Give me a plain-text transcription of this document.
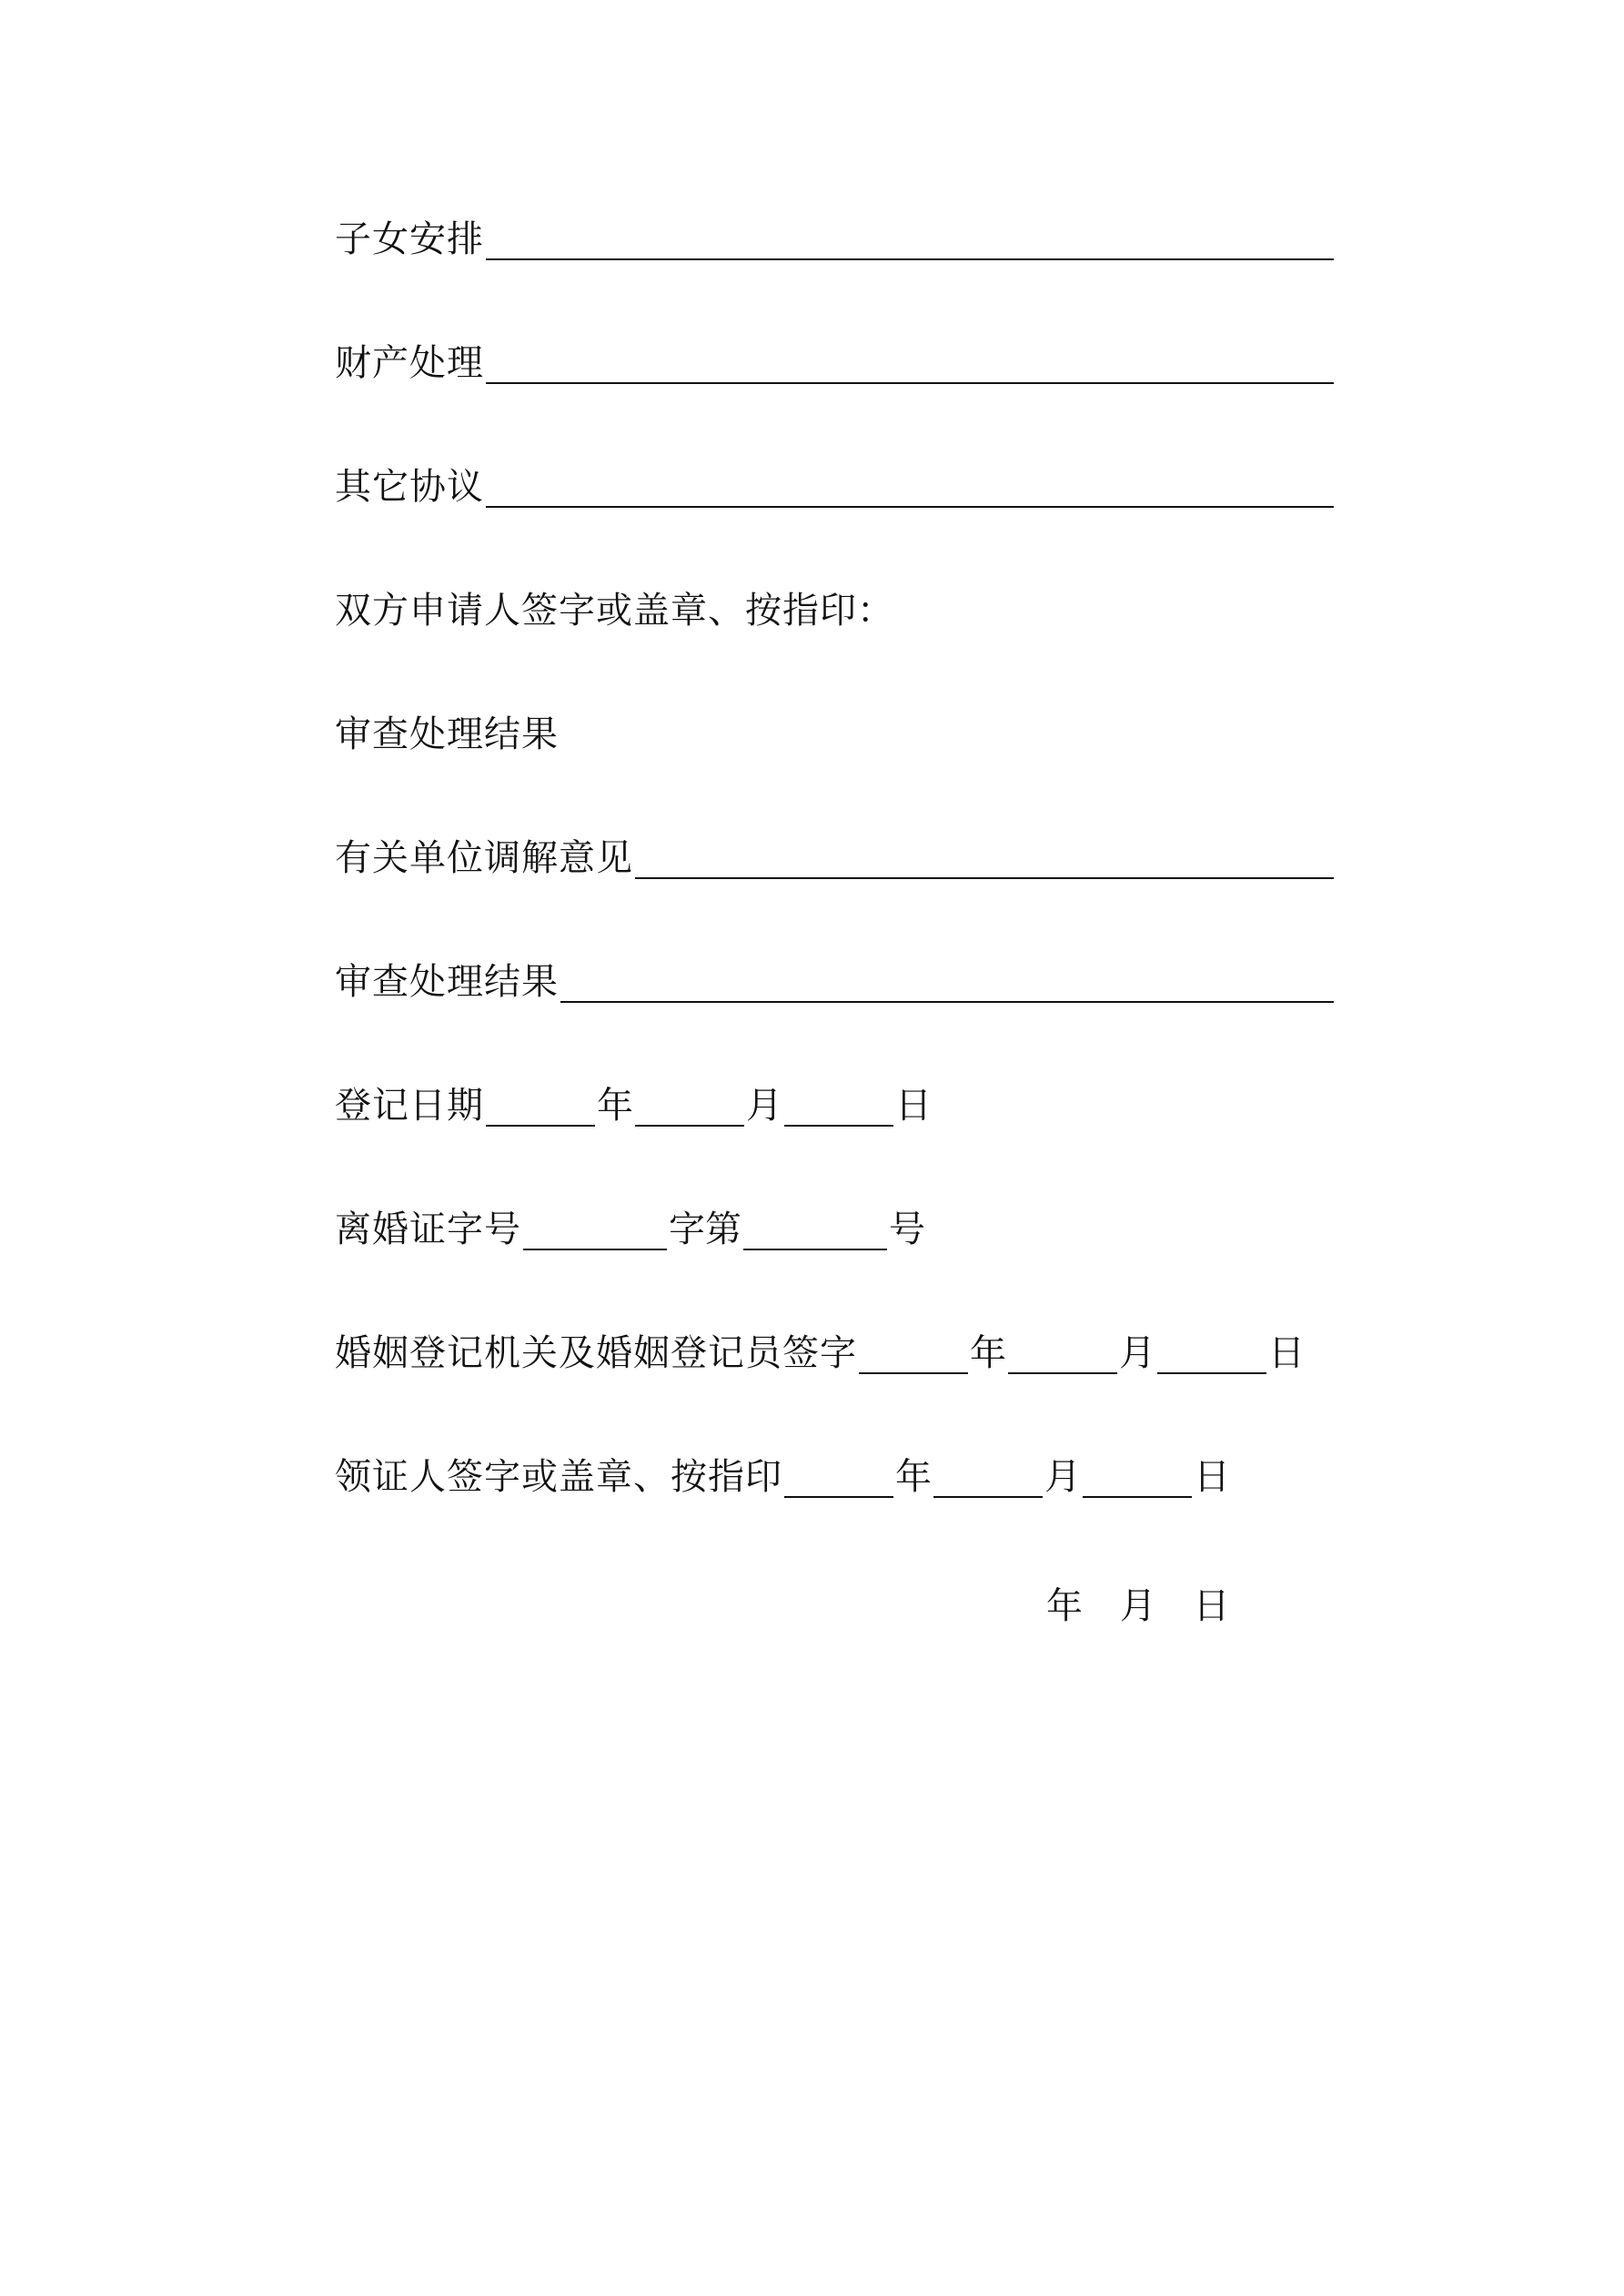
子女安排
财产处理
其它协议
双方申请人签字或盖章、按指印：
审查处理结果
有关单位调解意见
审查处理结果
登记日期	年	月	日
离婚证字号	字第	号
婚姻登记机关及婚姻登记员签字	年	月	日
领证人签字或盖章、按指印	年	月	日
年 月 日
